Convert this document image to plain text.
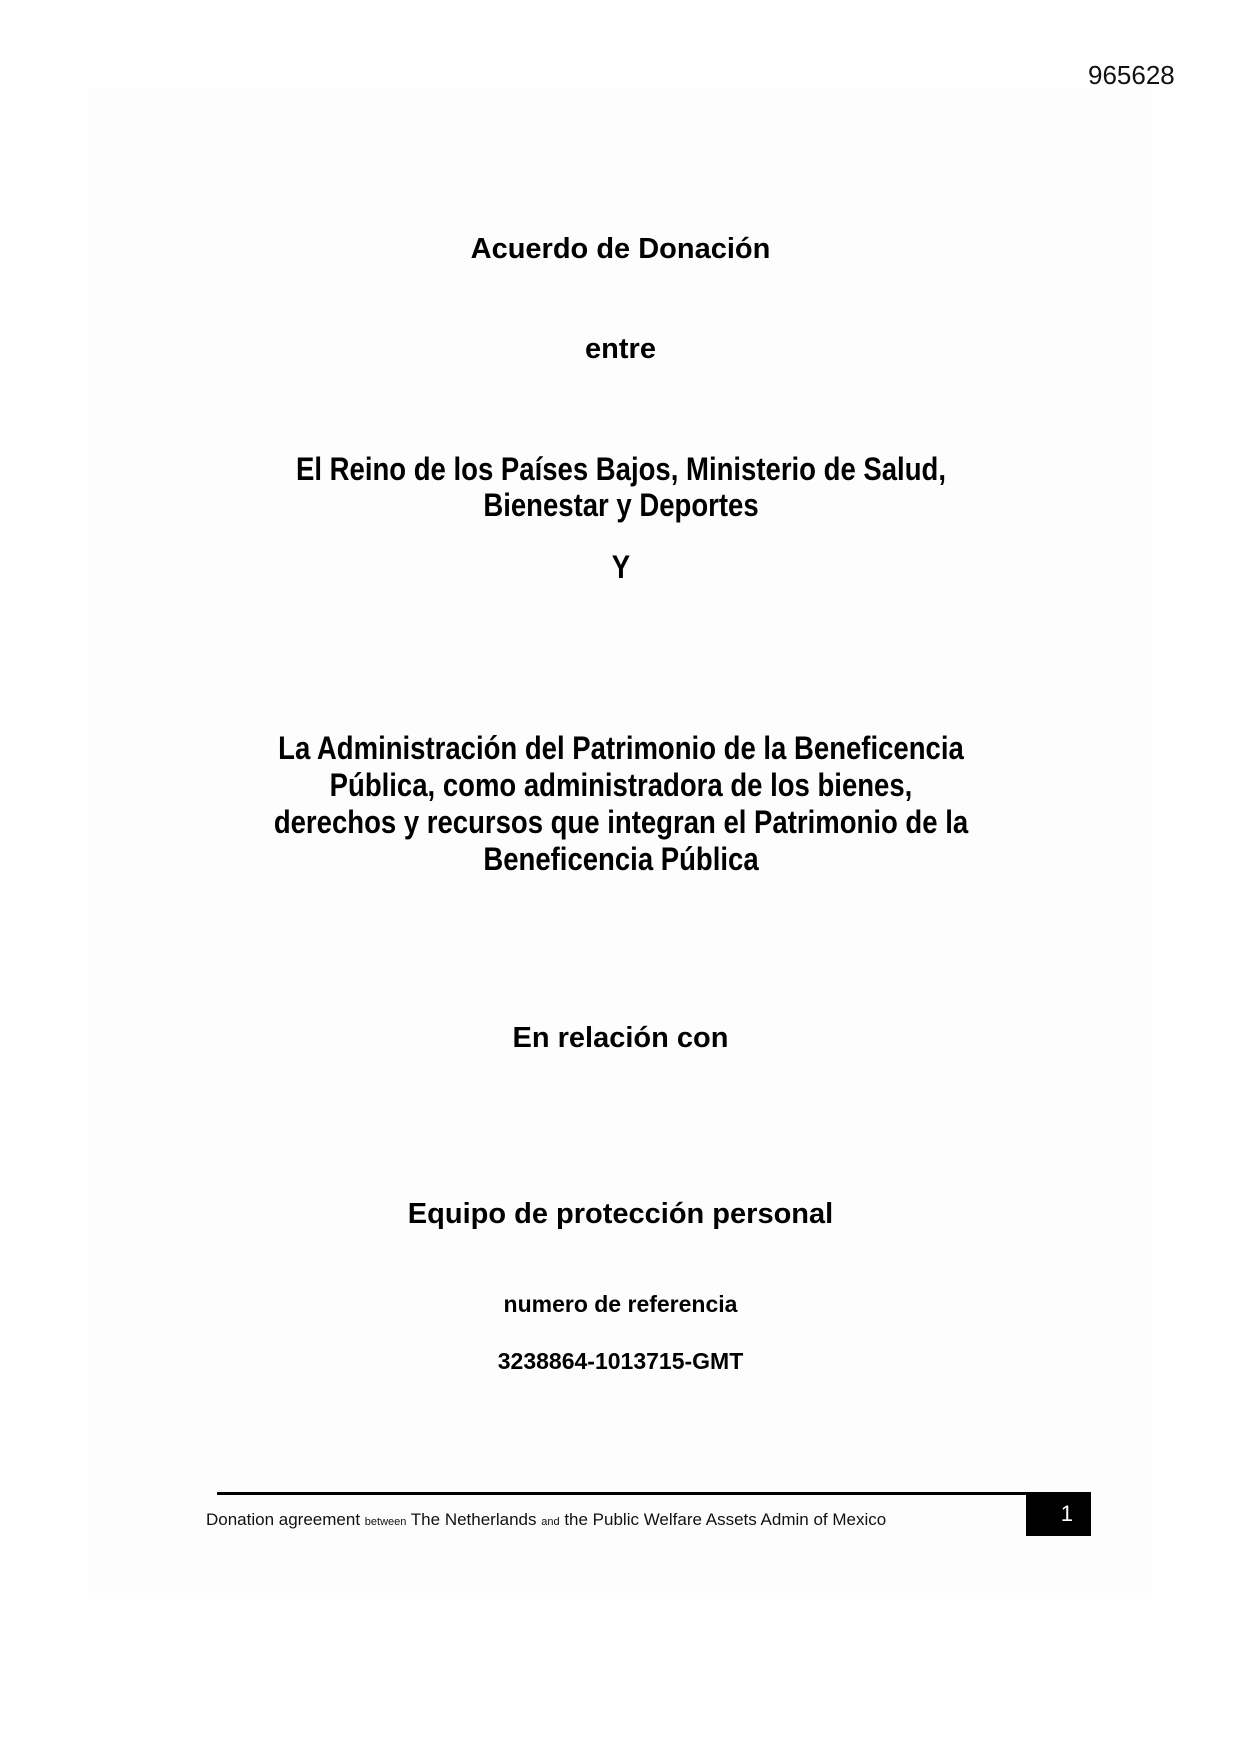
965628
Acuerdo de Donación
entre
El Reino de los Países Bajos, Ministerio de Salud,
Bienestar y Deportes
Y
La Administración del Patrimonio de la Beneficencia
Pública, como administradora de los bienes,
derechos y recursos que integran el Patrimonio de la
Beneficencia Pública
En relación con
Equipo de protección personal
numero de referencia
3238864-1013715-GMT
Donation agreement between The Netherlands and the Public Welfare Assets Admin of Mexico	1
